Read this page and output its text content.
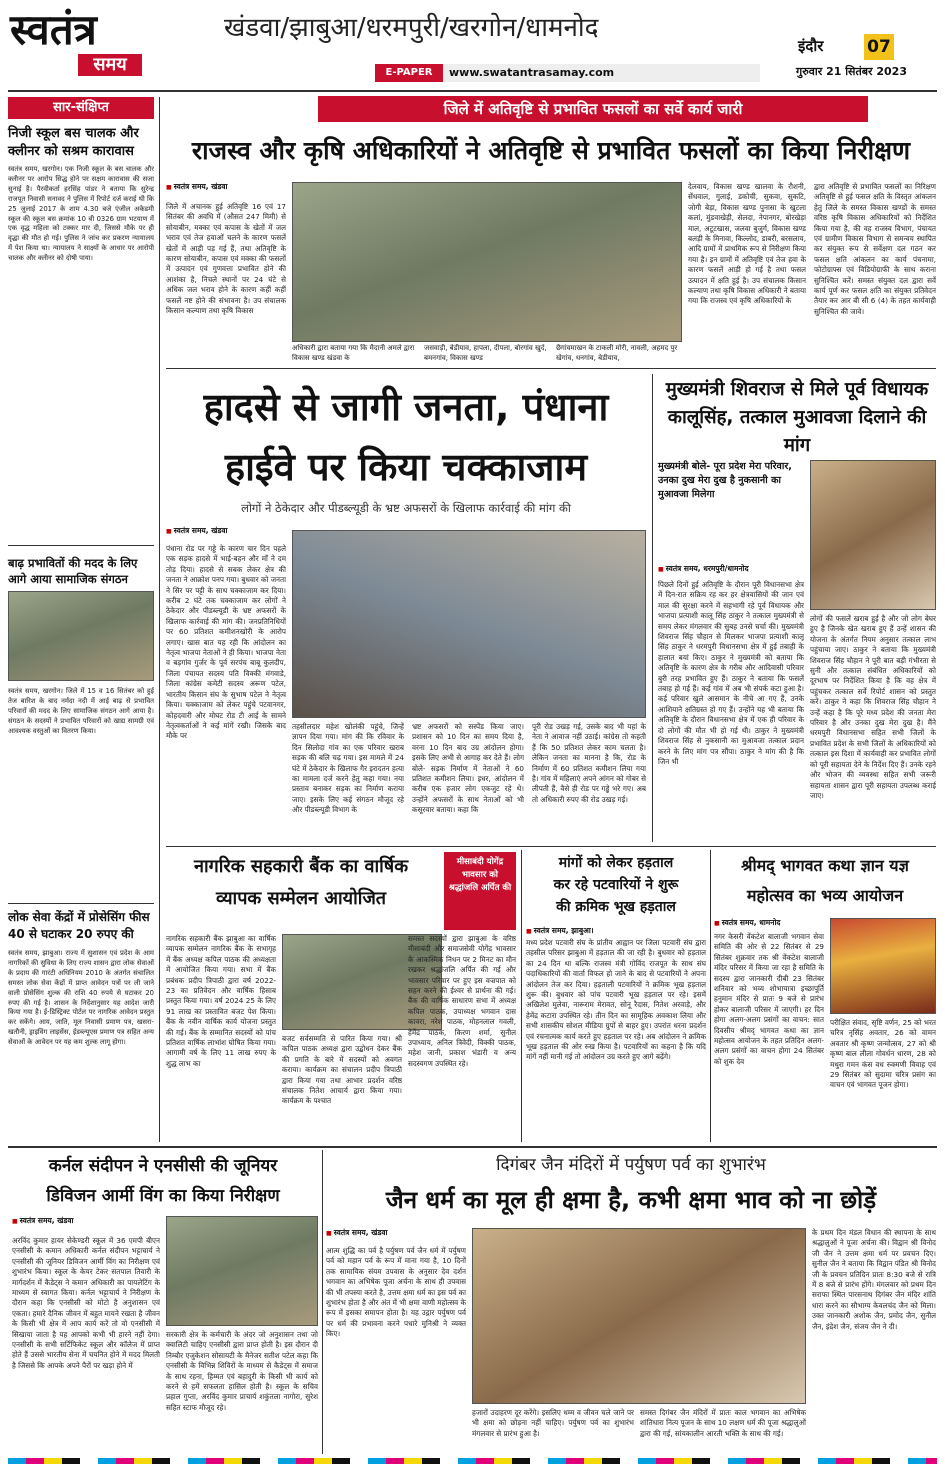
स्वतंत्र
समय
खंडवा/झाबुआ/धरमपुरी/खरगोन/धामनोद
E-PAPER	www.swatantrasamay.com
इंदौर	07
गुरुवार 21 सितंबर 2023
सार-संक्षिप्त
निजी स्कूल बस चालक और क्लीनर को सश्रम कारावास
स्वतंत्र समय, खरगोन। एक निजी स्कूल के बस चालक और क्लीनर पर आरोप सिद्ध होने पर सक्षम कारावास की सजा सुनाई है। पैरवीकर्ता हरसिंह पांडर ने बताया कि सुरेन्द्र राजपूत निवासी सनावद ने पुलिस में रिपोर्ट दर्ज कराई थी कि 25 जुलाई 2017 के शाम 4.30 बजे एंजील अकेडमी स्कूल की स्कूल बस क्रमांक 10 बी 0326 ग्राम भटयाण में एक वृद्ध महिला को टक्कर मार दी, जिससे मौके पर ही वृद्धा की मौत हो गई। पुलिस ने जांच कर प्रकरण न्यायालय में पेश किया था। न्यायालय ने साक्ष्यों के आधार पर आरोपी चालक और क्लीनर को दोषी पाया।
बाढ़ प्रभावितों की मदद के लिए आगे आया सामाजिक संगठन
स्वतंत्र समय, खरगोन। जिले में 15 व 16 सितंबर को हुई तेज बारिश के बाद नर्मदा नदी में आई बाढ़ से प्रभावित परिवारों की मदद के लिए सामाजिक संगठन आगे आया है। संगठन के सदस्यों ने प्रभावित परिवारों को खाद्य सामग्री एवं आवश्यक वस्तुओं का वितरण किया।
लोक सेवा केंद्रों में प्रोसेसिंग फीस 40 से घटाकर 20 रुपए की
स्वतंत्र समय, झाबुआ। राज्य में सुशासन एवं प्रदेश के आम नागरिकों की सुविधा के लिए राज्य शासन द्वारा लोक सेवाओं के प्रदाय की गारंटी अधिनियम 2010 के अंतर्गत संचालित समस्त लोक सेवा केंद्रों में प्राप्त आवेदन पत्रों पर ली जाने वाली प्रोसेसिंग शुल्क की राशि 40 रुपये से घटाकर 20 रुपए की गई है। शासन के निर्देशानुसार यह आदेश जारी किया गया है। ई-डिस्ट्रिक्ट पोर्टल पर नागरिक आवेदन प्रस्तुत कर सकेंगे। आय, जाति, मूल निवासी प्रमाण पत्र, खसरा-खतौनी, ड्राइविंग लाइसेंस, ईडब्ल्यूएस प्रमाण पत्र सहित अन्य सेवाओं के आवेदन पर यह कम शुल्क लागू होगा।
जिले में अतिवृष्टि से प्रभावित फसलों का सर्वे कार्य जारी
राजस्व और कृषि अधिकारियों ने अतिवृष्टि से प्रभावित फसलों का किया निरीक्षण
■ स्वतंत्र समय, खंडवा
जिले में अचानक हुई अतिवृष्टि 16 एवं 17 सितंबर की अवधि में (औसत 247 मिमी) से सोयाबीन, मक्का एवं कपास के खेतों में जल भराव एवं तेज हवाओं चलने के कारण फसलें खेतों में आड़ी पड़ गई हैं, तथा अतिवृष्टि के कारण सोयाबीन, कपास एवं मक्का की फसलों में उत्पादन एवं गुणवत्ता प्रभावित होने की आशंका है, निचले स्थानों पर 24 घंटे से अधिक जल भराव होने के कारण कहीं कहीं फसलें नष्ट होने की संभावना है। उप संचालक किसान कल्याण तथा कृषि विकास
अधिकारी द्वारा बताया गया कि मैदानी अमले द्वारा विकास खण्ड खंडवा के
जसवाड़ी, बेडीयाव, हापला, दीपला, बोरगांव खुर्द, बमनगांव, विकास खण्ड
छैगांवमाखन के टाकली मोरी, नावली, अहमद पुर खेगांव, धनगांव, बेडीयाव,
देलवाय, विकास खण्ड खालवा के रौशनी, सेंधवाल, गुलाई, डकोची, सुकवा, सुकटि, जोगी बेड़ा, विकास खण्ड पुनासा के खुटला कलां, मुंडवाखेड़ी, सेलदा, नेपानगर, बोरखेड़ा माल, अटूटखास, जलवा बुजुर्ग, विकास खण्ड बलड़ी के मिनावा, किल्लोद, डाबरी, बरसलाय, आदि ग्रामों में प्राथमिक रूप से निरीक्षण किया गया है। इन ग्रामों में अतिवृष्टि एवं तेज हवा के कारण फसलें आड़ी हो गई है तथा फसल उत्पादन में क्षति हुई है। उप संचालक किसान कल्याण तथा कृषि विकास अधिकारी ने बताया गया कि राजस्व एवं कृषि अधिकारियों के
द्वारा अतिवृष्टि से प्रभावित फसलों का निरिक्षण अतिवृष्टि से हुई फसल क्षति के विस्तृत आंकलन हेतु जिले के समस्त विकास खण्डों के समस्त वरिष्ठ कृषि विकास अधिकारियों को निर्देशित किया गया है, की वह राजस्व विभाग, पंचायत एवं ग्रामीण विकास विभाग से समन्वय स्थापित कर संयुक्त रूप से सर्वेक्षण दल गठन कर फसल क्षति आंकलन का कार्य पंचनामा, फोटोग्राफ्स एवं विडियोग्राफी के साथ कराना सुनिश्चित करें। समस्त संयुक्त दल द्वारा सर्वे कार्य पूर्ण कर फसल क्षति का संयुक्त प्रतिवेदन तैयार कर आर बी सी 6 (4) के तहत कार्यवाही सुनिश्चित की जावे।
हादसे से जागी जनता, पंधाना
हाईवे पर किया चक्काजाम
लोगों ने ठेकेदार और पीडब्ल्यूडी के भ्रष्ट अफसरों के खिलाफ कार्रवाई की मांग की
■ स्वतंत्र समय, खंडवा
पंधाना रोड पर गड्डे के कारण चार दिन पहले एक सड़क हादसे में भाई-बहन और माँ ने दम तोड़ दिया। हादसे से सबक लेकर क्षेत्र की जनता ने आक्रोश पनप गया। बुधवार को जनता ने सिर पर पट्टी के साथ चक्काजाम कर दिया। करीब 2 घंटे तक चक्काजाम कर लोगों ने ठेकेदार और पीडब्ल्यूडी के भ्रष्ट अफसरों के खिलाफ कार्रवाई की मांग की। जनप्रतिनिधियों पर 60 प्रतिशत कमीशनखोरी के आरोप लगाए। खास बात यह रही कि आंदोलन का नेतृत्व भाजपा नेताओं ने ही किया। भाजपा नेता व बड़गांव गुर्जर के पूर्व सरपंच बाबू कुलदीप, जिला पंचायत सदस्य पति विक्की मंगवाडे, जिला कांग्रेस कमेटी सदस्य अरूण पटेल, भारतीय किसान संघ के सुभाष पटेल ने नेतृत्व किया। चक्काजाम को लेकर पहुंचे पटवानगर, कोहदवारी और मोघट रोड टी आई के सामने नेतृत्वकर्ताओं ने कई मांगें रखी। जिसके बाद मौके पर
तहसीलदार महेश खोलंकी पहुंचे, जिन्हें ज्ञापन दिया गया। मांग की कि रविवार के दिन सिलोदा गांव का एक परिवार खराब सड़क की बलि चढ़ गया। इस मामले में 24 घंटे में ठेकेदार के खिलाफ गैर इरादतन हत्या का मामला दर्ज करने हेतु कहा गया। नया प्रस्ताव बनाकर सड़क का निर्माण कराया जाए। इसके लिए कई संगठन मौजूद रहे और पीडब्ल्यूडी विभाग के
भ्रष्ट अफसरों को सस्पेंड किया जाए। प्रशासन को 10 दिन का समय दिया है, वरना 10 दिन बाद उग्र आंदोलन होगा। इसके लिए अभी से आगाह कर देते हैं। लोग बोले- सड़क निर्माण में नेताओं ने 60 प्रतिशत कमीशन लिया। इधर, आंदोलन में करीब एक हजार लोग एकजुट रहे थे। उन्होंने अफसरों के साथ नेताओं को भी कसूरवार बताया। कहा कि
पूरी रोड उखड़ गई, उसके बाद भी यहां के नेता ने आवाज नहीं उठाई। कांग्रेस तो कहती हैं कि 50 प्रतिशत लेकर काम चलता है। लेकिन जनता का मानना है कि, रोड के निर्माण में 60 प्रतिशत कमीशन लिया गया है। गांव में महिलाएं अपने आंगन को गोबर से लीपती हैं, वैसे ही रोड पर गड्ढे भरे गए। अब तो अधिकारी रुपए की रोड उखड़ गई।
मुख्यमंत्री शिवराज से मिले पूर्व विधायक कालूसिंह, तत्काल मुआवजा दिलाने की मांग
मुख्यमंत्री बोले- पूरा प्रदेश मेरा परिवार, उनका दुख मेरा दुख है नुकसानी का मुआवजा मिलेगा
■ स्वतंत्र समय, धरमपुरी/धामनोद
पिछले दिनों हुई अतिवृष्टि के दौरान पूरी विधानसभा क्षेत्र में दिन-रात सक्रिय रह कर हर क्षेत्रवासियों की जान एवं माल की सुरक्षा करने में सहभागी रहे पूर्व विधायक और भाजपा प्रत्याशी कालू सिंह ठाकुर ने तत्काल मुख्यमंत्री से समय लेकर मंगलवार की सुबह उनसे चर्चा की। मुख्यमंत्री शिवराज सिंह चौहान से मिलकर भाजपा प्रत्याशी कालू सिंह ठाकुर ने धरमपुरी विधानसभा क्षेत्र में हुई तबाही के हालात बयां किए। ठाकुर ने मुख्यमंत्री को बताया कि अतिवृष्टि के कारण क्षेत्र के गरीब और आदिवासी परिवार बुरी तरह प्रभावित हुए हैं। ठाकुर ने बताया कि फसलें तबाह हो गई हैं। कई गांव में अब भी संपर्क कटा हुआ है। कई परिवार खुले आसमान के नीचे आ गए हैं, उनके आशियाने क्षतिग्रस्त हो गए हैं। उन्होंने यह भी बताया कि अतिवृष्टि के दौरान विधानसभा क्षेत्र में एक ही परिवार के दो लोगों की मौत भी हो गई थी। ठाकुर ने मुख्यमंत्री शिवराज सिंह से नुकसानी का मुआवजा तत्काल प्रदान करने के लिए मांग पत्र सौंपा। ठाकुर ने मांग की है कि जिन भी
लोगों की फसलें खराब हुई है और जो लोग बेघर हुए है जिनके खेत खराब हुए हैं उन्हें शासन की योजना के अंतर्गत नियम अनुसार तत्काल लाभ पहुंचाया जाए। ठाकुर ने बताया कि मुख्यमंत्री शिवराज सिंह चौहान ने पूरी बात बड़ी गंभीरता से सुनी और तत्काल संबंधित अधिकारियों को दूरभाष पर निर्देशित किया है कि वह क्षेत्र में पहुंचकर तत्काल सर्वे रिपोर्ट शासन को प्रस्तुत करें। ठाकुर ने कहा कि शिवराज सिंह चौहान ने उन्हें कहा है कि पूरे मध्य प्रदेश की जनता मेरा परिवार है और उनका दुख मेरा दुख है। मैंने धरमपुरी विधानसभा सहित सभी जिलों के प्रभावित प्रदेश के सभी जिलों के अधिकारियों को तत्काल इस दिशा में कार्यवाही कर प्रभावित लोगों को पूरी सहायता देने के निर्देश दिए हैं। उनके रहने और भोजन की व्यवस्था सहित सभी जरूरी सहायता शासन द्वारा पूरी सहायता उपलब्ध कराई जाए।
नागरिक सहकारी बैंक का वार्षिक
व्यापक सम्मेलन आयोजित
मीसाबंदी योगेंद्र भावसार को श्रद्धांजलि अर्पित की
नागरिक सहकारी बैंक झाबुआ का वार्षिक व्यापक सम्मेलन नागरिक बैंक के सभागृह में बैंक अध्यक्ष कपिल पाठक की अध्यक्षता में आयोजित किया गया। सभा में बैंक प्रबंधक प्रदीप त्रिपाठी द्वारा वर्ष 2022-23 का प्रतिवेदन और वार्षिक हिसाब प्रस्तुत किया गया। वर्ष 2024 25 के लिए 91 लाख का प्रस्तावित बजट पेश किया। बैंक के नवीन वार्षिक कार्य योजना प्रस्तुत की गई। बैंक के सम्मानित सदस्यों को पांच प्रतिशत वार्षिक लाभांश घोषित किया गया। आगामी वर्ष के लिए 11 लाख रुपए के शुद्ध लाभ का
बजट सर्वसम्मति से पारित किया गया। श्री कपिल पाठक अध्यक्ष द्वारा उद्बोधन देकर बैंक की प्रगति के बारे में सदस्यों को अवगत कराया। कार्यक्रम का संचालन प्रदीप त्रिपाठी द्वारा किया गया तथा आभार प्रदर्शन वरिष्ठ संचालक नितेश आचार्य द्वारा किया गया। कार्यक्रम के पश्चात
समस्त सदस्यों द्वारा झाबुआ के वरिष्ठ मीसाबंदी और समाजसेवी योगेंद्र भावसार के आकस्मिक निधन पर 2 मिनट का मौन रखकर श्रद्धांजलि अर्पित की गई और भावसार परिवार पर हुए इस वज्रपात को सहन करने की ईश्वर से प्रार्थना की गई। बैंक की वार्षिक साधारण सभा में अध्यक्ष कपिल पाठक, उपाध्यक्ष भगवान दास कावरा, नरेश पाठक, मोहनलाल गवली, हेमेंद्र पाठक, किरण शर्मा, सुनील उपाध्याय, अनिल त्रिवेदी, विक्की पाठक, महेश जानी, प्रकाश भंडारी व अन्य सदस्यगण उपस्थित रहे।
मांगों को लेकर हड़ताल
कर रहे पटवारियों ने शुरू
की क्रमिक भूख हड़ताल
■ स्वतंत्र समय, झाबुआ।
मध्य प्रदेश पटवारी संघ के प्रांतीय आह्वान पर जिला पटवारी संघ द्वारा तहसील परिसर झाबुआ में हड़ताल की जा रही है। बुधवार को हड़ताल का 24 दिन था बल्कि राजस्व मंत्री गोविंद राजपूत के साथ संघ पदाधिकारियों की वार्ता विफल हो जाने के बाद से पटवारियों ने अपना आंदोलन तेज कर दिया। हड़ताली पटवारियों ने क्रमिक भूख हड़ताल शुरू की। बुधवार को पांच पटवारी भूख हड़ताल पर रहे। इसमें अखिलेश मुलेवा, नारूराम मेरावत, सोनू रैदास, नितेश अरवाड़े, और हेमेंद्र कटारा उपस्थित रहे। तीन दिन का सामूहिक अवकाश लिया और सभी शासकीय सोशल मीडिया ग्रुपों से बाहर हुए। उपरांत धरना प्रदर्शन एवं रचनात्मक कार्य करते हुए हड़ताल पर रहे। अब आंदोलन ने क्रमिक भूख हड़ताल की ओर रुख किया है। पटवारियों का कहना है कि यदि मांगें नहीं मानी गई तो आंदोलन उग्र करते हुए आगे बढ़ेंगे।
श्रीमद् भागवत कथा ज्ञान यज्ञ
महोत्सव का भव्य आयोजन
■ स्वतंत्र समय, धामनोद
नगर केसरी वेंकटेश बालाजी भगवान सेवा समिति की ओर से 22 सितंबर से 29 सितंबर शुक्रवार तक श्री वेंकटेश बालाजी मंदिर परिसर में किया जा रहा है समिति के सदस्य द्वारा जानकारी दीबी 23 सितंबर शनिवार को भव्य शोभायात्रा इच्छापूर्ति हनुमान मंदिर से प्रातः 9 बजे से प्रारंभ होकर बालाजी परिसर में जाएगी। हर दिन होगा अलग-अलग प्रसंगों का वाचन: सात दिवसीय श्रीमद् भागवत कथा का ज्ञान महोत्सव आयोजन के तहत प्रतिदिन अलग-अलग प्रसंगों का वाचन होगा 24 सितंबर को शुक देव
परीक्षित संवाद, सृष्टि वर्णन, 25 को भरत चरित्र नृसिंह अवतार, 26 को वामन अवतार श्री कृष्ण जन्मोत्सव, 27 को श्री कृष्ण बाल लीला गोवर्धन धारण, 28 को मथुरा गमन कंस वध रुक्मणी विवाह एवं 29 सितंबर को सुदामा चरित्र प्रसंग का वाचन एवं भागवत पूजन होगा।
कर्नल संदीपन ने एनसीसी की जूनियर
डिविजन आर्मी विंग का किया निरीक्षण
■ स्वतंत्र समय, खंडवा
अरविंद कुमार हायर सेकेण्डरी स्कूल में 36 एमपी बीएन एनसीसी के कमान अधिकारी कर्नल संदीपन भट्टाचार्य ने एनसीसी की जूनियर डिविजन आर्मी विंग का निरीक्षण एवं शुभारंभ किया। स्कूल के केयर टेकर सतपाल तिवारी के मार्गदर्शन में कैडेट्स ने कमान अधिकारी का पायलेटिंग के माध्यम से स्वागत किया। कर्नल भट्टाचार्य ने निरीक्षण के दौरान कहा कि एनसीसी को मोटो है अनुशासन एवं एकता। हमारे दैनिक जीवन में बहुत मायने रखता है जीवन के किसी भी क्षेत्र में आप कार्य करें तो वो एनसीसी में सिखाया जाता है यह आपको कभी भी हारने नहीं देगा। एनसीसी के सभी सर्टिफिकेट स्कूल और कॉलेज में प्राप्त होते हैं उससे भारतीय सेना में चयनित होने में मदद मिलती है जिससे कि आपके अपने पैरों पर खड़ा होने में
सरकारी क्षेत्र के कर्मचारी के अंदर जो अनुशासन तथा जो क्वालिटी चाहिए एनसीसी द्वारा प्राप्त होती है। इस दौरान दी निम्बौर एजुकेशन सोसायटी के मैनेजर सतीश पटेल कहा कि एनसीसी के विभिन्न शिविरों के माध्यम से कैडेट्स में समाज के साथ रहना, हिम्मत एवं बहादुरी के किसी भी कार्य को करने से हमें सफलता हासिल होती है। स्कूल के सचिव प्रहाल गुप्ता, अरविंद कुमार प्राचार्य शकुंतला नागोरा, सुरेश सहित स्टाफ मौजूद रहे।
दिगंबर जैन मंदिरों में पर्युषण पर्व का शुभारंभ
जैन धर्म का मूल ही क्षमा है, कभी क्षमा भाव को ना छोड़ें
■ स्वतंत्र समय, खंडवा
आत्म शुद्धि का पर्व है पर्युषण पर्व जैन धर्म में पर्युषण पर्व को महान पर्व के रूप में माना गया है, 10 दिनों तक सामायिक संयम उपवास के अनुसार देव दर्शन भगवान का अभिषेक पूजा अर्चना के साथ ही उपवास की भी तपस्या करते है, उत्तम क्षमा धर्म का इस पर्व का शुभारंभ होता है और अंत में भी क्षमा वाणी महोत्सव के रूप में इसका समापन होता है। यह उद्गार पर्युषण पर्व पर धर्म की प्रभावना करने पधारे मुनिश्री ने व्यक्त किए।
हजारों उदाहरण दूर करेंगे। इसलिए धम्म व जीवन चले जाने पर भी क्षमा को छोड़ना नहीं चाहिए। पर्युषण पर्व का शुभारंभ मंगलवार से प्रारंभ हुआ है।
समस्त दिगंबर जैन मंदिरों में प्रातः काल भगवान का अभिषेक शांतिधारा नित्य पूजन के साथ 10 लक्षण धर्म की पूजा श्रद्धालुओं द्वारा की गई, सांयकालीन आरती भक्ति के साथ की गई।
के प्रथम दिन मंडल विधान की स्थापना के साथ श्रद्धालुओं ने पूजा अर्चना की। विद्वान श्री विनोद जी जैन ने उत्तम क्षमा धर्म पर प्रवचन दिए। सुनील जैन ने बताया कि विद्वान पंडित श्री विनोद जी के प्रवचन प्रतिदिन प्रातः 8:30 बजे से रात्रि में 8 बजे से प्रारंभ होंगे। मंगलवार को प्रथम दिन सराफा स्थित पारसनाथ दिगंबर जैन मंदिर शांति धारा करने का सौभाग्य केवलचंद जैन को मिला। उक्त जानकारी अशोक जैन, प्रमोद जैन, सुनील जैन, इंद्रेश जैन, संजय जैन ने दी।
